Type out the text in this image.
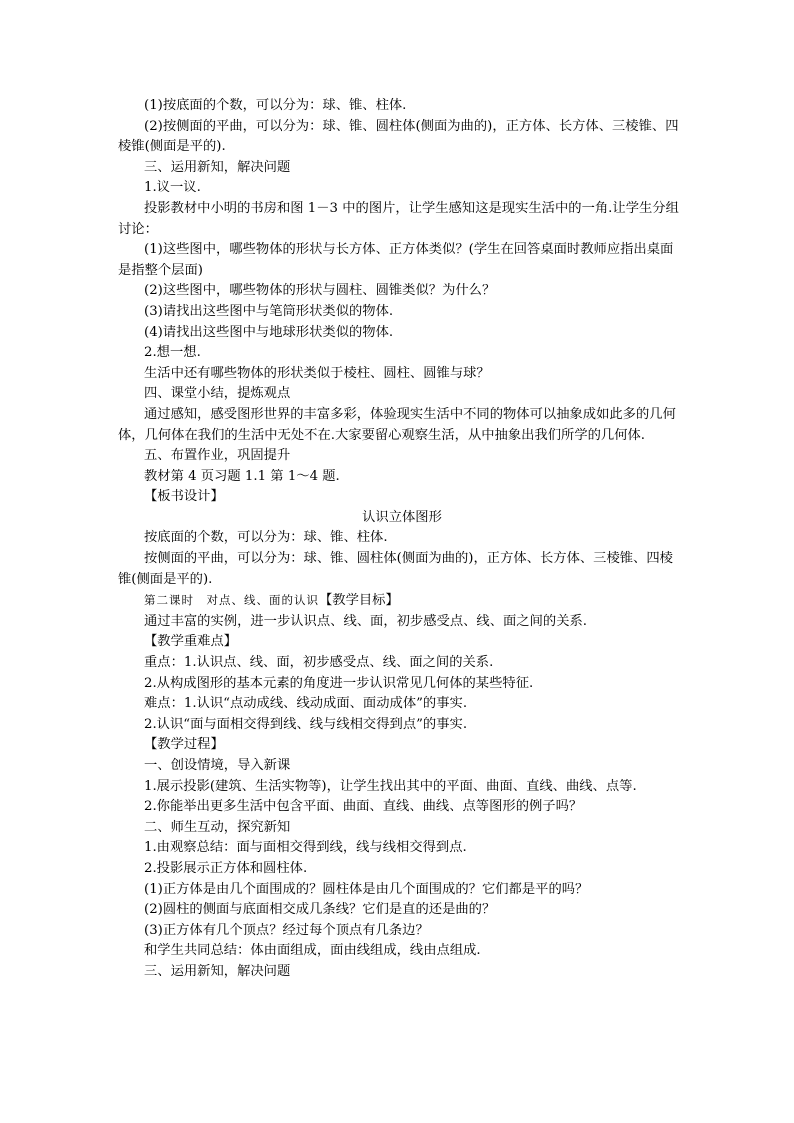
(1)按底面的个数，可以分为：球、锥、柱体.
(2)按侧面的平曲，可以分为：球、锥、圆柱体(侧面为曲的)，正方体、长方体、三棱锥、四棱锥(侧面是平的).
三、运用新知，解决问题
1.议一议.
投影教材中小明的书房和图 1－3 中的图片，让学生感知这是现实生活中的一角.让学生分组讨论：
(1)这些图中，哪些物体的形状与长方体、正方体类似？(学生在回答桌面时教师应指出桌面是指整个层面)
(2)这些图中，哪些物体的形状与圆柱、圆锥类似？为什么？
(3)请找出这些图中与笔筒形状类似的物体.
(4)请找出这些图中与地球形状类似的物体.
2.想一想.
生活中还有哪些物体的形状类似于棱柱、圆柱、圆锥与球？
四、课堂小结，提炼观点
通过感知，感受图形世界的丰富多彩，体验现实生活中不同的物体可以抽象成如此多的几何体，几何体在我们的生活中无处不在.大家要留心观察生活，从中抽象出我们所学的几何体.
五、布置作业，巩固提升
教材第 4 页习题 1.1 第 1～4 题.
【板书设计】
认识立体图形
按底面的个数，可以分为：球、锥、柱体.
按侧面的平曲，可以分为：球、锥、圆柱体(侧面为曲的)，正方体、长方体、三棱锥、四棱锥(侧面是平的).
第二课时　对点、线、面的认识【教学目标】
通过丰富的实例，进一步认识点、线、面，初步感受点、线、面之间的关系.
【教学重难点】
重点：1.认识点、线、面，初步感受点、线、面之间的关系.
2.从构成图形的基本元素的角度进一步认识常见几何体的某些特征.
难点：1.认识“点动成线、线动成面、面动成体”的事实.
2.认识“面与面相交得到线、线与线相交得到点”的事实.
【教学过程】
一、创设情境，导入新课
1.展示投影(建筑、生活实物等)，让学生找出其中的平面、曲面、直线、曲线、点等.
2.你能举出更多生活中包含平面、曲面、直线、曲线、点等图形的例子吗？
二、师生互动，探究新知
1.由观察总结：面与面相交得到线，线与线相交得到点.
2.投影展示正方体和圆柱体.
(1)正方体是由几个面围成的？圆柱体是由几个面围成的？它们都是平的吗？
(2)圆柱的侧面与底面相交成几条线？它们是直的还是曲的？
(3)正方体有几个顶点？经过每个顶点有几条边？
和学生共同总结：体由面组成，面由线组成，线由点组成.
三、运用新知，解决问题
